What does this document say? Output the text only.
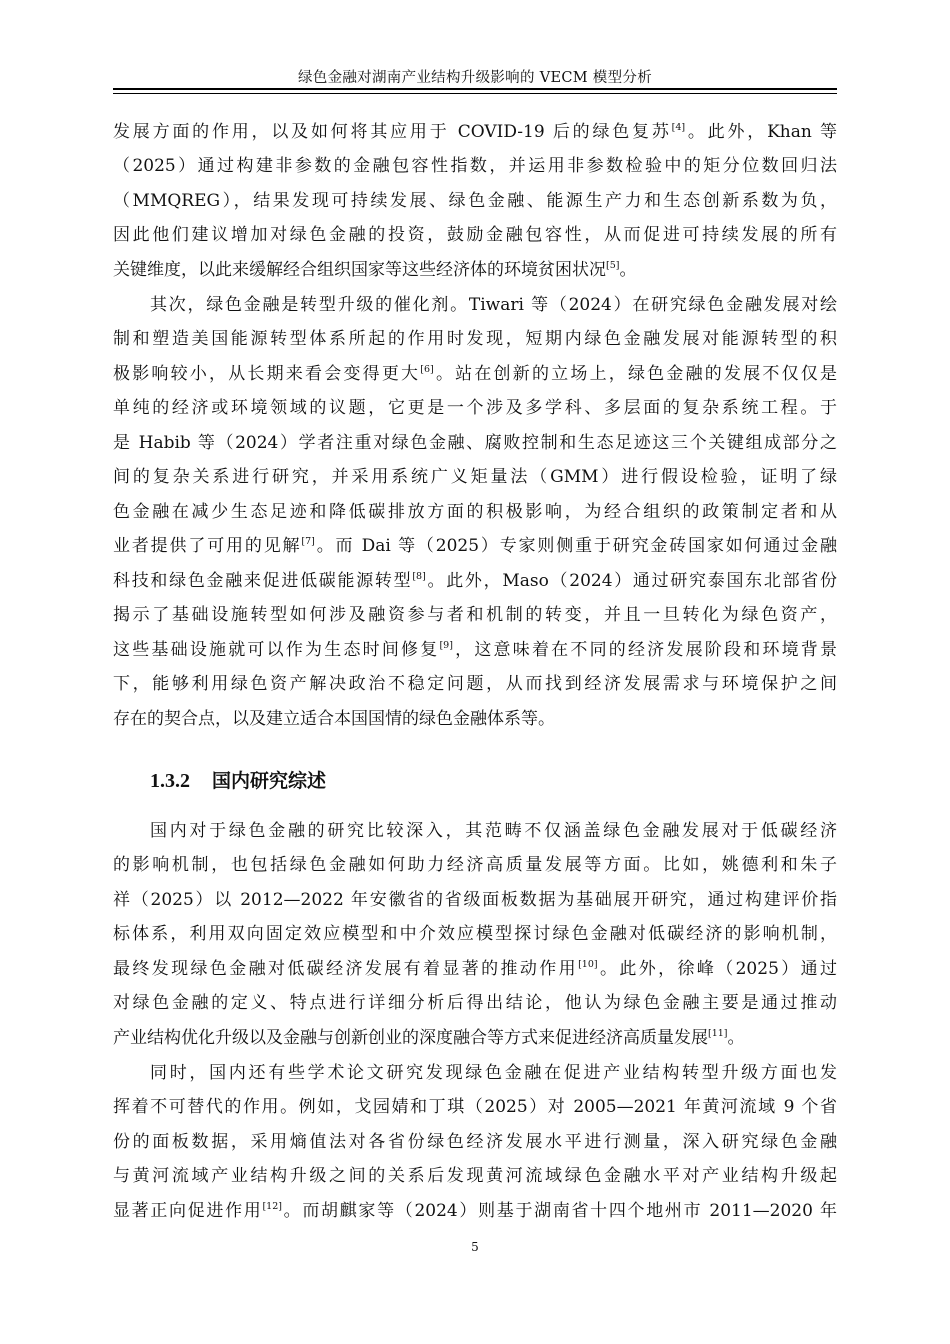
绿色金融对湖南产业结构升级影响的 VECM 模型分析
发展方面的作用，以及如何将其应用于 COVID-19 后的绿色复苏[4]。此外，Khan 等
（2025）通过构建非参数的金融包容性指数，并运用非参数检验中的矩分位数回归法
（MMQREG），结果发现可持续发展、绿色金融、能源生产力和生态创新系数为负，
因此他们建议增加对绿色金融的投资，鼓励金融包容性，从而促进可持续发展的所有
关键维度，以此来缓解经合组织国家等这些经济体的环境贫困状况[5]。
其次，绿色金融是转型升级的催化剂。Tiwari 等（2024）在研究绿色金融发展对绘
制和塑造美国能源转型体系所起的作用时发现，短期内绿色金融发展对能源转型的积
极影响较小，从长期来看会变得更大[6]。站在创新的立场上，绿色金融的发展不仅仅是
单纯的经济或环境领域的议题，它更是一个涉及多学科、多层面的复杂系统工程。于
是 Habib 等（2024）学者注重对绿色金融、腐败控制和生态足迹这三个关键组成部分之
间的复杂关系进行研究，并采用系统广义矩量法（GMM）进行假设检验，证明了绿
色金融在减少生态足迹和降低碳排放方面的积极影响，为经合组织的政策制定者和从
业者提供了可用的见解[7]。而 Dai 等（2025）专家则侧重于研究金砖国家如何通过金融
科技和绿色金融来促进低碳能源转型[8]。此外，Maso（2024）通过研究泰国东北部省份
揭示了基础设施转型如何涉及融资参与者和机制的转变，并且一旦转化为绿色资产，
这些基础设施就可以作为生态时间修复[9]，这意味着在不同的经济发展阶段和环境背景
下，能够利用绿色资产解决政治不稳定问题，从而找到经济发展需求与环境保护之间
存在的契合点，以及建立适合本国国情的绿色金融体系等。
国内对于绿色金融的研究比较深入，其范畴不仅涵盖绿色金融发展对于低碳经济
的影响机制，也包括绿色金融如何助力经济高质量发展等方面。比如，姚德利和朱子
祥（2025）以 2012—2022 年安徽省的省级面板数据为基础展开研究，通过构建评价指
标体系，利用双向固定效应模型和中介效应模型探讨绿色金融对低碳经济的影响机制，
最终发现绿色金融对低碳经济发展有着显著的推动作用[10]。此外，徐峰（2025）通过
对绿色金融的定义、特点进行详细分析后得出结论，他认为绿色金融主要是通过推动
产业结构优化升级以及金融与创新创业的深度融合等方式来促进经济高质量发展[11]。
同时，国内还有些学术论文研究发现绿色金融在促进产业结构转型升级方面也发
挥着不可替代的作用。例如，戈园婧和丁琪（2025）对 2005—2021 年黄河流域 9 个省
份的面板数据，采用熵值法对各省份绿色经济发展水平进行测量，深入研究绿色金融
与黄河流域产业结构升级之间的关系后发现黄河流域绿色金融水平对产业结构升级起
显著正向促进作用[12]。而胡麒家等（2024）则基于湖南省十四个地州市 2011—2020 年
1.3.2 国内研究综述
5
